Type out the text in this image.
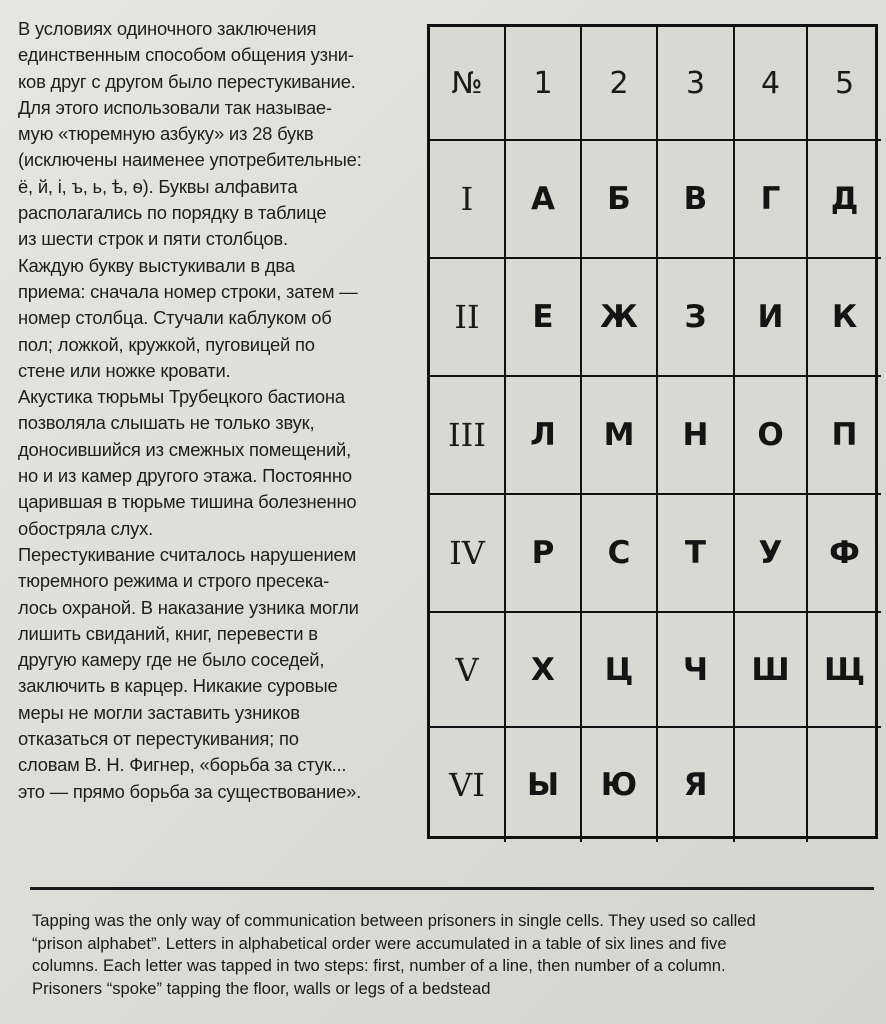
В условиях одиночного заключения
единственным способом общения узни-
ков друг с другом было перестукивание.
Для этого использовали так называе-
мую «тюремную азбуку» из 28 букв
(исключены наименее употребительные:
ё, й, і, ъ, ь, ѣ, ѳ). Буквы алфавита
располагались по порядку в таблице
из шести строк и пяти столбцов.
Каждую букву выстукивали в два
приема: сначала номер строки, затем —
номер столбца. Стучали каблуком об
пол; ложкой, кружкой, пуговицей по
стене или ножке кровати.
Акустика тюрьмы Трубецкого бастиона
позволяла слышать не только звук,
доносившийся из смежных помещений,
но и из камер другого этажа. Постоянно
царившая в тюрьме тишина болезненно
обостряла слух.
Перестукивание считалось нарушением
тюремного режима и строго пресека-
лось охраной. В наказание узника могли
лишить свиданий, книг, перевести в
другую камеру где не было соседей,
заключить в карцер. Никакие суровые
меры не могли заставить узников
отказаться от перестукивания; по
словам В. Н. Фигнер, «борьба за стук...
это — прямо борьба за существование».
№	1	2	3	4	5
I	А	Б	В	Г	Д
II	Е	Ж	З	И	К
III	Л	М	Н	О	П
IV	Р	С	Т	У	Ф
V	Х	Ц	Ч	Ш	Щ
VI	Ы	Ю	Я
Tapping was the only way of communication between prisoners in single cells. They used so called
“prison alphabet”. Letters in alphabetical order were accumulated in a table of six lines and five
columns. Each letter was tapped in two steps: first, number of a line, then number of a column.
Prisoners “spoke” tapping the floor, walls or legs of a bedstead
